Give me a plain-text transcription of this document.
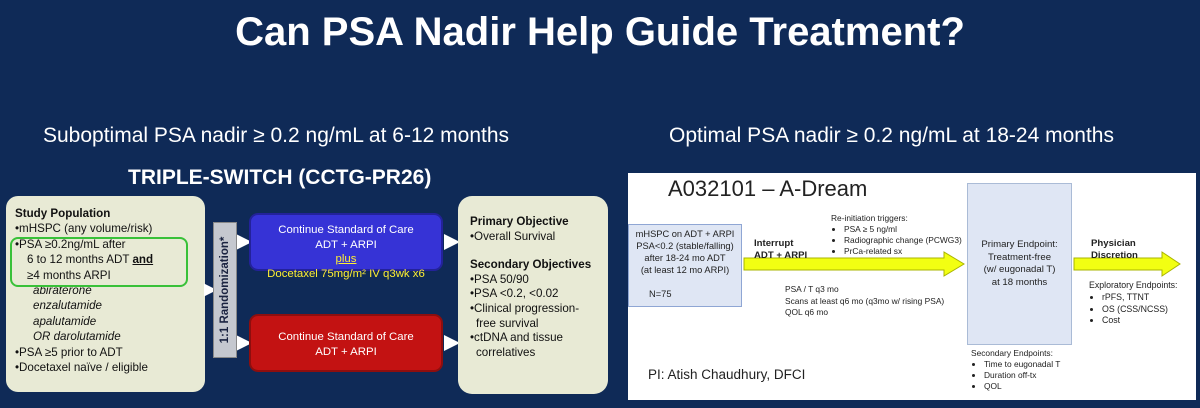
Can PSA Nadir Help Guide Treatment?
Suboptimal PSA nadir ≥ 0.2 ng/mL at 6-12 months
TRIPLE-SWITCH (CCTG-PR26)
Study Population
•mHSPC (any volume/risk)
•PSA ≥0.2ng/mL after
6 to 12 months ADT and
≥4 months ARPI
abiraterone
enzalutamide
apalutamide
OR darolutamide
•PSA ≥5 prior to ADT
•Docetaxel naïve / eligible
1:1 Randomization*
Continue Standard of Care
ADT + ARPI
plus
Docetaxel 75mg/m² IV q3wk x6
Continue Standard of Care
ADT + ARPI
Primary Objective
•Overall Survival
Secondary Objectives
•PSA 50/90
•PSA <0.2, <0.02
•Clinical progression-
free survival
•ctDNA and tissue
correlatives
Optimal PSA nadir ≥ 0.2 ng/mL at 18-24 months
A032101 – A-Dream
mHSPC on ADT + ARPI
PSA<0.2 (stable/falling)
after 18-24 mo ADT
(at least 12 mo ARPI)
N=75
Interrupt
ADT + ARPI
Re-initiation triggers:
• PSA ≥ 5 ng/ml
• Radiographic change (PCWG3)
• PrCa-related sx
PSA / T q3 mo
Scans at least q6 mo (q3mo w/ rising PSA)
QOL q6 mo
Primary Endpoint:
Treatment-free
(w/ eugonadal T)
at 18 months
Secondary Endpoints:
• Time to eugonadal T
• Duration off-tx
• QOL
Physician
Discretion
Exploratory Endpoints:
• rPFS, TTNT
• OS (CSS/NCSS)
• Cost
PI: Atish Chaudhury, DFCI
